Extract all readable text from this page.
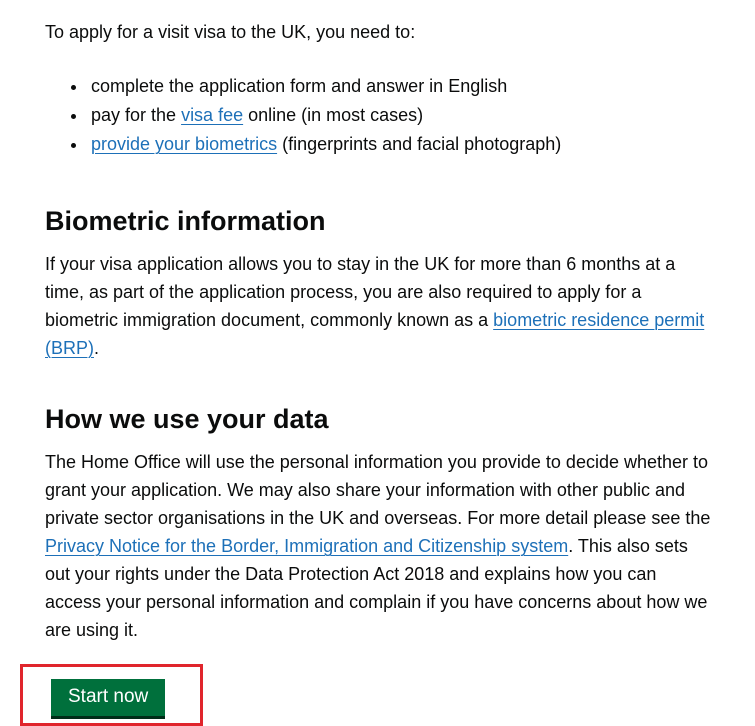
To apply for a visit visa to the UK, you need to:

• complete the application form and answer in English
• pay for the visa fee online (in most cases)
• provide your biometrics (fingerprints and facial photograph)
Biometric information

If your visa application allows you to stay in the UK for more than 6 months at a time, as part of the application process, you are also required to apply for a biometric immigration document, commonly known as a biometric residence permit (BRP).

How we use your data

The Home Office will use the personal information you provide to decide whether to grant your application. We may also share your information with other public and private sector organisations in the UK and overseas. For more detail please see the Privacy Notice for the Border, Immigration and Citizenship system. This also sets out your rights under the Data Protection Act 2018 and explains how you can access your personal information and complain if you have concerns about how we are using it.

Start now
